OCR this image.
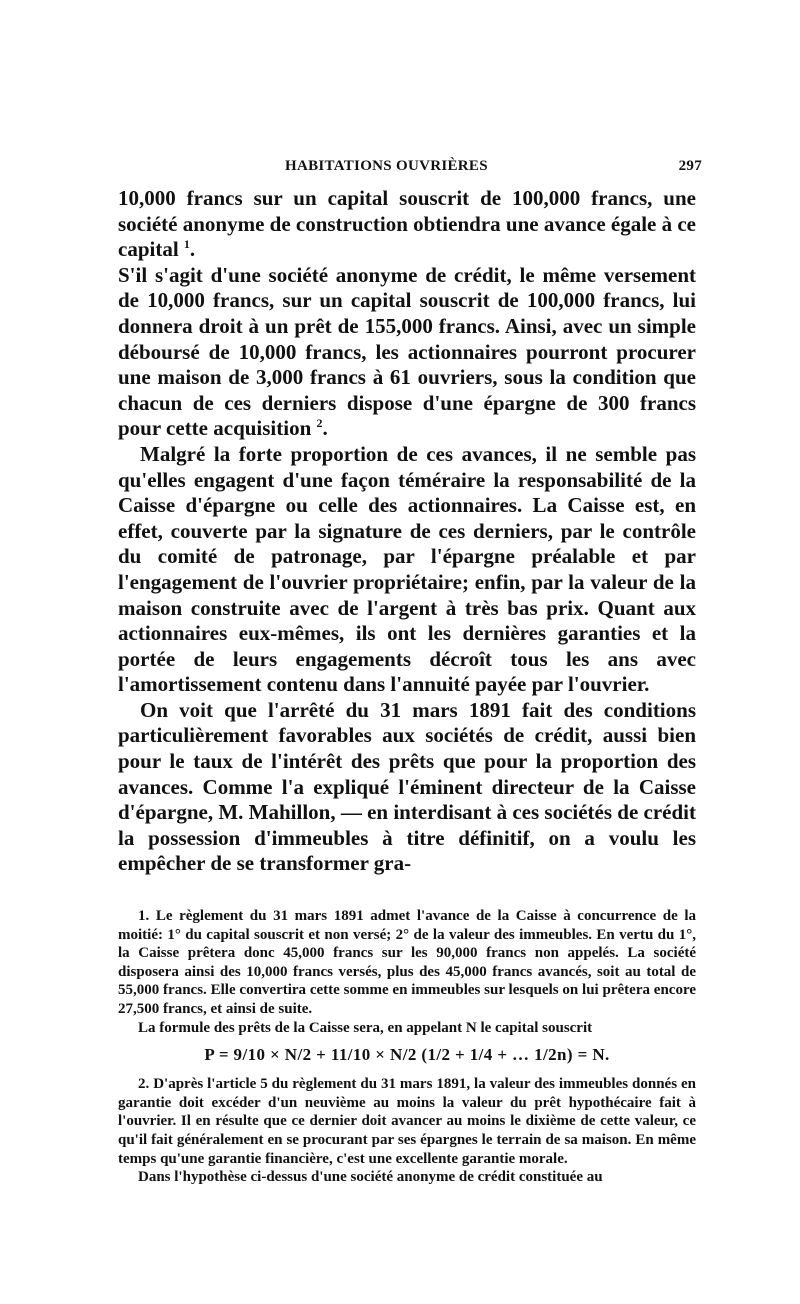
HABITATIONS OUVRIÈRES	297

10,000 francs sur un capital souscrit de 100,000 francs, une société anonyme de construction obtiendra une avance égale à ce capital $^1$.

S'il s'agit d'une société anonyme de crédit, le même versement de 10,000 francs, sur un capital souscrit de 100,000 francs, lui donnera droit à un prêt de 155,000 francs. Ainsi, avec un simple déboursé de 10,000 francs, les actionnaires pourront procurer une maison de 3,000 francs à 61 ouvriers, sous la condition que chacun de ces derniers dispose d'une épargne de 300 francs pour cette acquisition $^2$.

Malgré la forte proportion de ces avances, il ne semble pas qu'elles engagent d'une façon téméraire la responsabilité de la Caisse d'épargne ou celle des actionnaires. La Caisse est, en effet, couverte par la signature de ces derniers, par le contrôle du comité de patronage, par l'épargne préalable et par l'engagement de l'ouvrier propriétaire; enfin, par la valeur de la maison construite avec de l'argent à très bas prix. Quant aux actionnaires eux-mêmes, ils ont les dernières garanties et la portée de leurs engagements décroît tous les ans avec l'amortissement contenu dans l'annuité payée par l'ouvrier.

On voit que l'arrêté du 31 mars 1891 fait des conditions particulièrement favorables aux sociétés de crédit, aussi bien pour le taux de l'intérêt des prêts que pour la proportion des avances. Comme l'a expliqué l'éminent directeur de la Caisse d'épargne, M. Mahillon, — en interdisant à ces sociétés de crédit la possession d'immeubles à titre définitif, on a voulu les empêcher de se transformer gra-

1. Le règlement du 31 mars 1891 admet l'avance de la Caisse à concurrence de la moitié: 1° du capital souscrit et non versé; 2° de la valeur des immeubles. En vertu du 1°, la Caisse prêtera donc 45,000 francs sur les 90,000 francs non appelés. La société disposera ainsi des 10,000 francs versés, plus des 45,000 francs avancés, soit au total de 55,000 francs. Elle convertira cette somme en immeubles sur lesquels on lui prêtera encore 27,500 francs, et ainsi de suite.

La formule des prêts de la Caisse sera, en appelant N le capital souscrit

P = 9/10 × N/2 + 11/10 × N/2 (1/2 + 1/4 + … 1/2n) = N.

2. D'après l'article 5 du règlement du 31 mars 1891, la valeur des immeubles donnés en garantie doit excéder d'un neuvième au moins la valeur du prêt hypothécaire fait à l'ouvrier. Il en résulte que ce dernier doit avancer au moins le dixième de cette valeur, ce qu'il fait généralement en se procurant par ses épargnes le terrain de sa maison. En même temps qu'une garantie financière, c'est une excellente garantie morale.

Dans l'hypothèse ci-dessus d'une société anonyme de crédit constituée au
